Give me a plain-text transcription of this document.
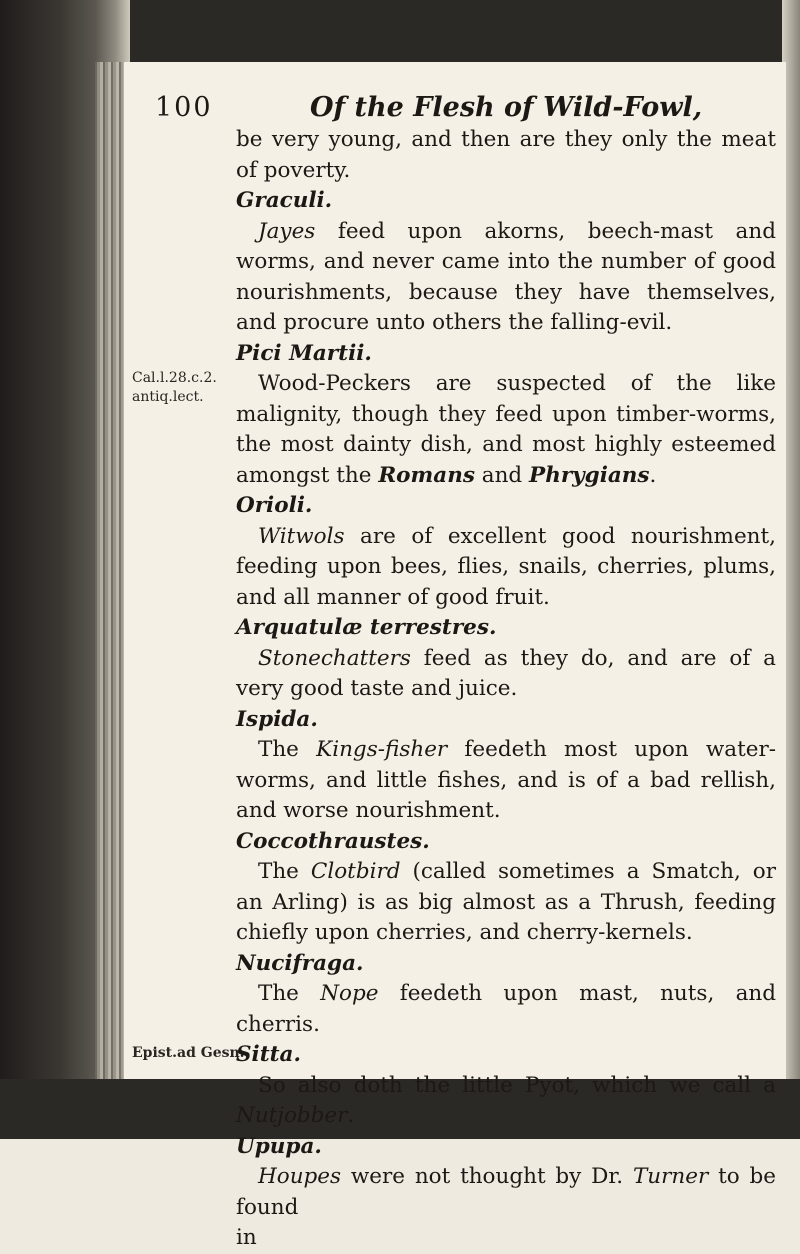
100	Of the Flesh of Wild-Fowl,
Cal.l.28.c.2.
antiq.lect.
Epist.ad Gesn.

be very young, and then are they only the meat of poverty.

Graculi.

Jayes feed upon akorns, beech-mast and worms, and never came into the number of good nourishments, because they have themselves, and procure unto others the falling-evil.

Pici Martii.

Wood-Peckers are suspected of the like malignity, though they feed upon timber-worms, the most dainty dish, and most highly esteemed amongst the Romans and Phrygians.

Orioli.

Witwols are of excellent good nourishment, feeding upon bees, flies, snails, cherries, plums, and all manner of good fruit.

Arquatulæ terrestres.

Stonechatters feed as they do, and are of a very good taste and juice.

Ispida.

The Kings-fisher feedeth most upon water-worms, and little fishes, and is of a bad rellish, and worse nourishment.

Coccothraustes.

The Clotbird (called sometimes a Smatch, or an Arling) is as big almost as a Thrush, feeding chiefly upon cherries, and cherry-kernels.

Nucifraga.

The Nope feedeth upon mast, nuts, and cherris.

Sitta.

So also doth the little Pyot, which we call a Nutjobber.

Upupa.

Houpes were not thought by Dr. Turner to be found

in
